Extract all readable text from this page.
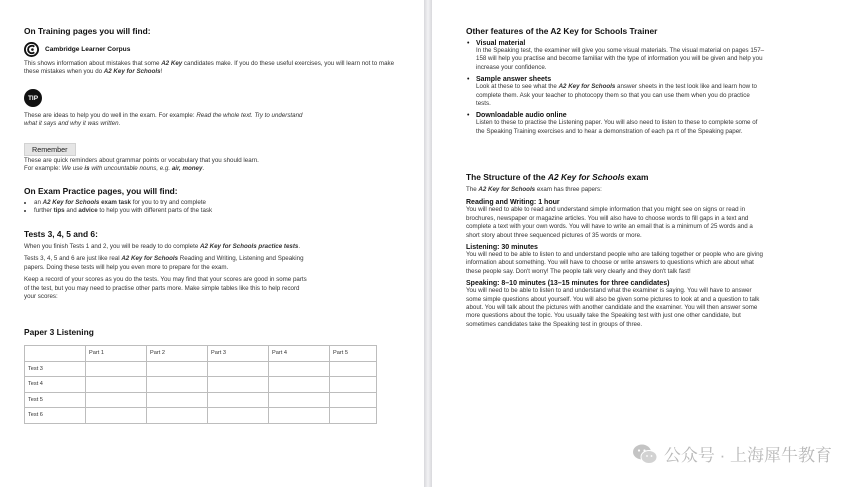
On Training pages you will find:

Cambridge Learner Corpus

This shows information about mistakes that some A2 Key candidates make. If you do these useful exercises, you will learn not to make these mistakes when you do A2 Key for Schools!

TIP

These are ideas to help you do well in the exam. For example: Read the whole text. Try to understand what it says and why it was written.

Remember

These are quick reminders about grammar points or vocabulary that you should learn.

For example: We use is with uncountable nouns, e.g. air, money.

On Exam Practice pages, you will find:

• an A2 Key for Schools exam task for you to try and complete
• further tips and advice to help you with different parts of the task

Tests 3, 4, 5 and 6:

When you finish Tests 1 and 2, you will be ready to do complete A2 Key for Schools practice tests.

Tests 3, 4, 5 and 6 are just like real A2 Key for Schools Reading and Writing, Listening and Speaking papers. Doing these tests will help you even more to prepare for the exam.

Keep a record of your scores as you do the tests. You may find that your scores are good in some parts of the test, but you may need to practise other parts more. Make simple tables like this to help record your scores:

Paper 3 Listening

	Part 1	Part 2	Part 3	Part 4	Part 5
Test 3					
Test 4					
Test 5					
Test 6					

Other features of the A2 Key for Schools Trainer

• Visual material

In the Speaking test, the examiner will give you some visual materials. The visual material on pages 157–158 will help you practise and become familiar with the type of information you will be given and help you increase your confidence.

• Sample answer sheets

Look at these to see what the A2 Key for Schools answer sheets in the test look like and learn how to complete them. Ask your teacher to photocopy them so that you can use them when you do practice tests.

• Downloadable audio online

Listen to these to practise the Listening paper. You will also need to listen to these to complete some of the Speaking Training exercises and to hear a demonstration of each pa rt of the Speaking paper.

The Structure of the A2 Key for Schools exam

The A2 Key for Schools exam has three papers:

Reading and Writing: 1 hour

You will need to able to read and understand simple information that you might see on signs or read in brochures, newspaper or magazine articles. You will also have to choose words to fill gaps in a text and complete a text with your own words. You will have to write an email that is a minimum of 25 words and a short story about three sequenced pictures of 35 words or more.

Listening: 30 minutes

You will need to be able to listen to and understand people who are talking together or people who are giving information about something. You will have to choose or write answers to questions which are about what these people say. Don't worry! The people talk very clearly and they don't talk fast!

Speaking: 8–10 minutes (13–15 minutes for three candidates)

You will need to be able to listen to and understand what the examiner is saying. You will have to answer some simple questions about yourself. You will also be given some pictures to look at and a question to talk about. You will talk about the pictures with another candidate and the examiner. You will then answer some more questions about the topic. You usually take the Speaking test with just one other candidate, but sometimes candidates take the Speaking test in groups of three.

公众号 · 上海犀牛教育
